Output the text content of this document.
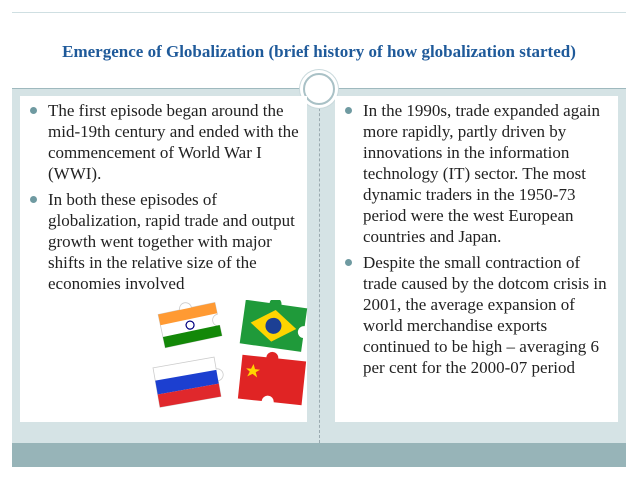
Emergence of Globalization (brief history of how globalization started)
The first episode began around the mid-19th century and ended with the commencement of World War I (WWI).
In both these episodes of globalization, rapid trade and output growth went together with major shifts in the relative size of the economies involved
In the 1990s, trade expanded again more rapidly, partly driven by innovations in the information technology (IT) sector. The most dynamic traders in the 1950-73 period were the west European countries and Japan.
Despite the small contraction of trade caused by the dotcom crisis in 2001, the average expansion of world merchandise exports continued to be high – averaging 6 per cent for the 2000-07 period
